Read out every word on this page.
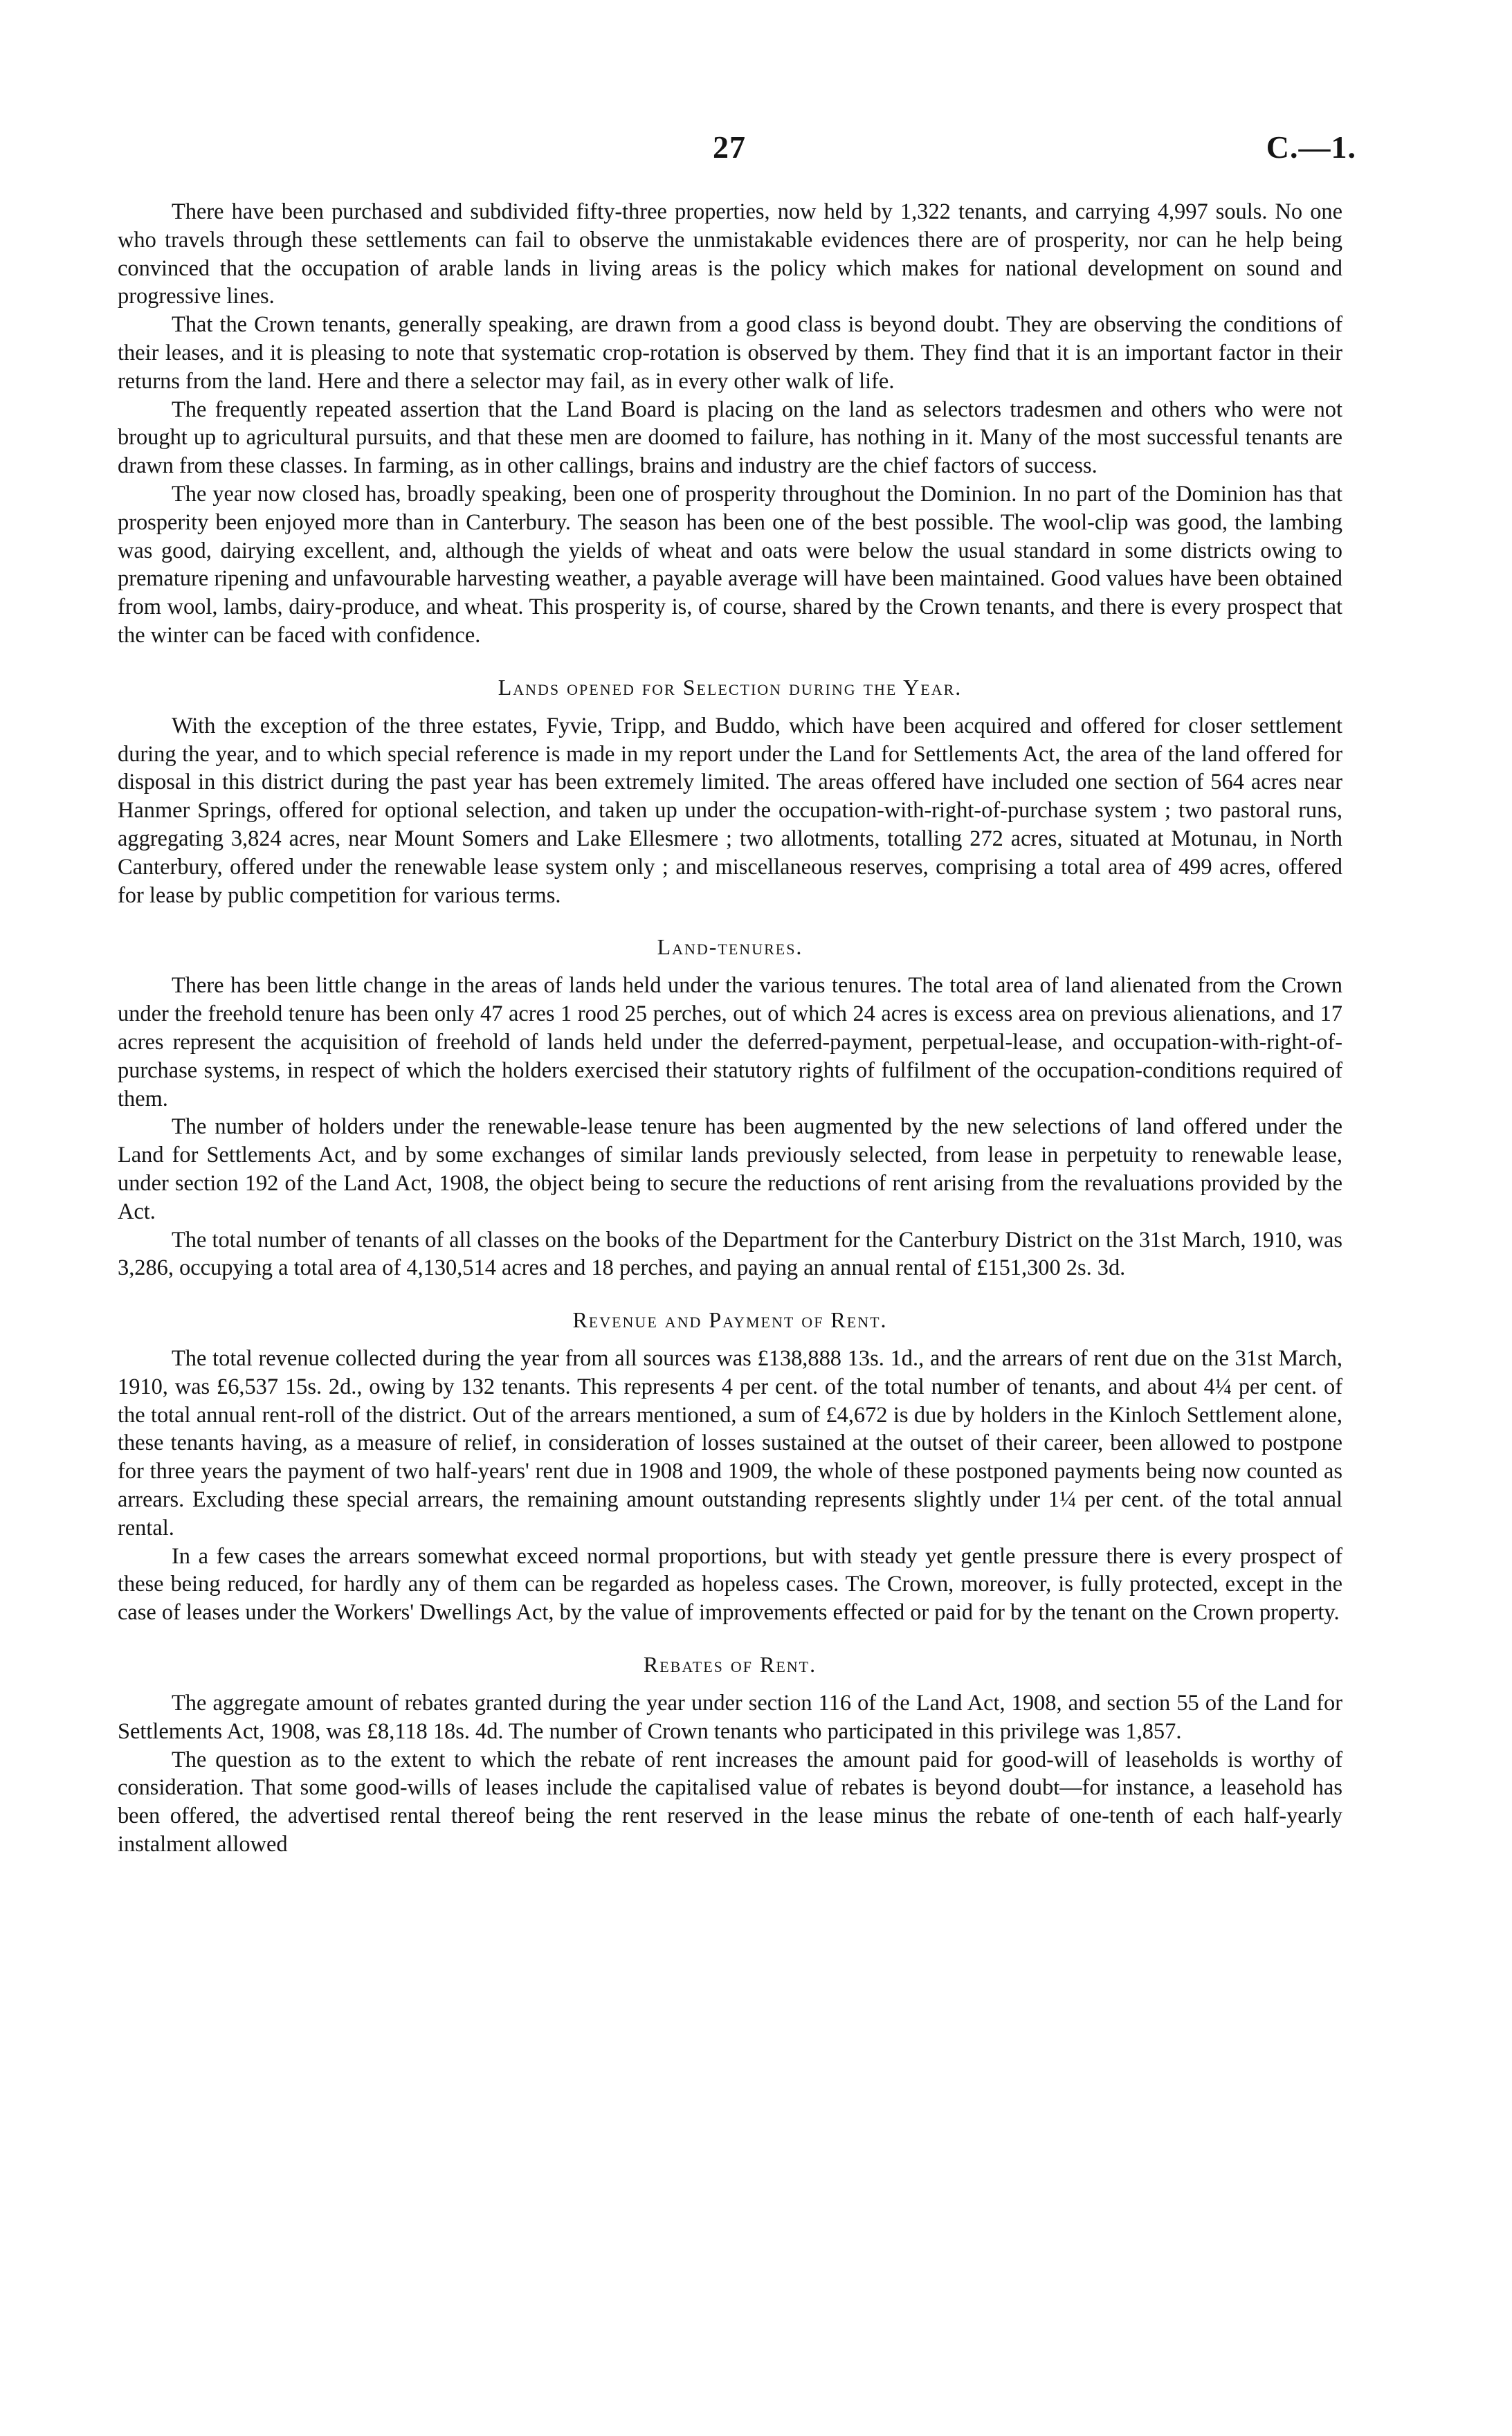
27	C.—1.

There have been purchased and subdivided fifty-three properties, now held by 1,322 tenants, and carrying 4,997 souls. No one who travels through these settlements can fail to observe the unmistakable evidences there are of prosperity, nor can he help being convinced that the occupation of arable lands in living areas is the policy which makes for national development on sound and progressive lines.

That the Crown tenants, generally speaking, are drawn from a good class is beyond doubt. They are observing the conditions of their leases, and it is pleasing to note that systematic crop-rotation is observed by them. They find that it is an important factor in their returns from the land. Here and there a selector may fail, as in every other walk of life.

The frequently repeated assertion that the Land Board is placing on the land as selectors tradesmen and others who were not brought up to agricultural pursuits, and that these men are doomed to failure, has nothing in it. Many of the most successful tenants are drawn from these classes. In farming, as in other callings, brains and industry are the chief factors of success.

The year now closed has, broadly speaking, been one of prosperity throughout the Dominion. In no part of the Dominion has that prosperity been enjoyed more than in Canterbury. The season has been one of the best possible. The wool-clip was good, the lambing was good, dairying excellent, and, although the yields of wheat and oats were below the usual standard in some districts owing to premature ripening and unfavourable harvesting weather, a payable average will have been maintained. Good values have been obtained from wool, lambs, dairy-produce, and wheat. This prosperity is, of course, shared by the Crown tenants, and there is every prospect that the winter can be faced with confidence.

Lands opened for Selection during the Year.

With the exception of the three estates, Fyvie, Tripp, and Buddo, which have been acquired and offered for closer settlement during the year, and to which special reference is made in my report under the Land for Settlements Act, the area of the land offered for disposal in this district during the past year has been extremely limited. The areas offered have included one section of 564 acres near Hanmer Springs, offered for optional selection, and taken up under the occupation-with-right-of-purchase system ; two pastoral runs, aggregating 3,824 acres, near Mount Somers and Lake Ellesmere ; two allotments, totalling 272 acres, situated at Motunau, in North Canterbury, offered under the renewable lease system only ; and miscellaneous reserves, comprising a total area of 499 acres, offered for lease by public competition for various terms.

Land-tenures.

There has been little change in the areas of lands held under the various tenures. The total area of land alienated from the Crown under the freehold tenure has been only 47 acres 1 rood 25 perches, out of which 24 acres is excess area on previous alienations, and 17 acres represent the acquisition of freehold of lands held under the deferred-payment, perpetual-lease, and occupation-with-right-of-purchase systems, in respect of which the holders exercised their statutory rights of fulfilment of the occupation-conditions required of them.

The number of holders under the renewable-lease tenure has been augmented by the new selections of land offered under the Land for Settlements Act, and by some exchanges of similar lands previously selected, from lease in perpetuity to renewable lease, under section 192 of the Land Act, 1908, the object being to secure the reductions of rent arising from the revaluations provided by the Act.

The total number of tenants of all classes on the books of the Department for the Canterbury District on the 31st March, 1910, was 3,286, occupying a total area of 4,130,514 acres and 18 perches, and paying an annual rental of £151,300 2s. 3d.

Revenue and Payment of Rent.

The total revenue collected during the year from all sources was £138,888 13s. 1d., and the arrears of rent due on the 31st March, 1910, was £6,537 15s. 2d., owing by 132 tenants. This represents 4 per cent. of the total number of tenants, and about 4¼ per cent. of the total annual rent-roll of the district. Out of the arrears mentioned, a sum of £4,672 is due by holders in the Kinloch Settlement alone, these tenants having, as a measure of relief, in consideration of losses sustained at the outset of their career, been allowed to postpone for three years the payment of two half-years' rent due in 1908 and 1909, the whole of these postponed payments being now counted as arrears. Excluding these special arrears, the remaining amount outstanding represents slightly under 1¼ per cent. of the total annual rental.

In a few cases the arrears somewhat exceed normal proportions, but with steady yet gentle pressure there is every prospect of these being reduced, for hardly any of them can be regarded as hopeless cases. The Crown, moreover, is fully protected, except in the case of leases under the Workers' Dwellings Act, by the value of improvements effected or paid for by the tenant on the Crown property.

Rebates of Rent.

The aggregate amount of rebates granted during the year under section 116 of the Land Act, 1908, and section 55 of the Land for Settlements Act, 1908, was £8,118 18s. 4d. The number of Crown tenants who participated in this privilege was 1,857.

The question as to the extent to which the rebate of rent increases the amount paid for good-will of leaseholds is worthy of consideration. That some good-wills of leases include the capitalised value of rebates is beyond doubt—for instance, a leasehold has been offered, the advertised rental thereof being the rent reserved in the lease minus the rebate of one-tenth of each half-yearly instalment allowed
